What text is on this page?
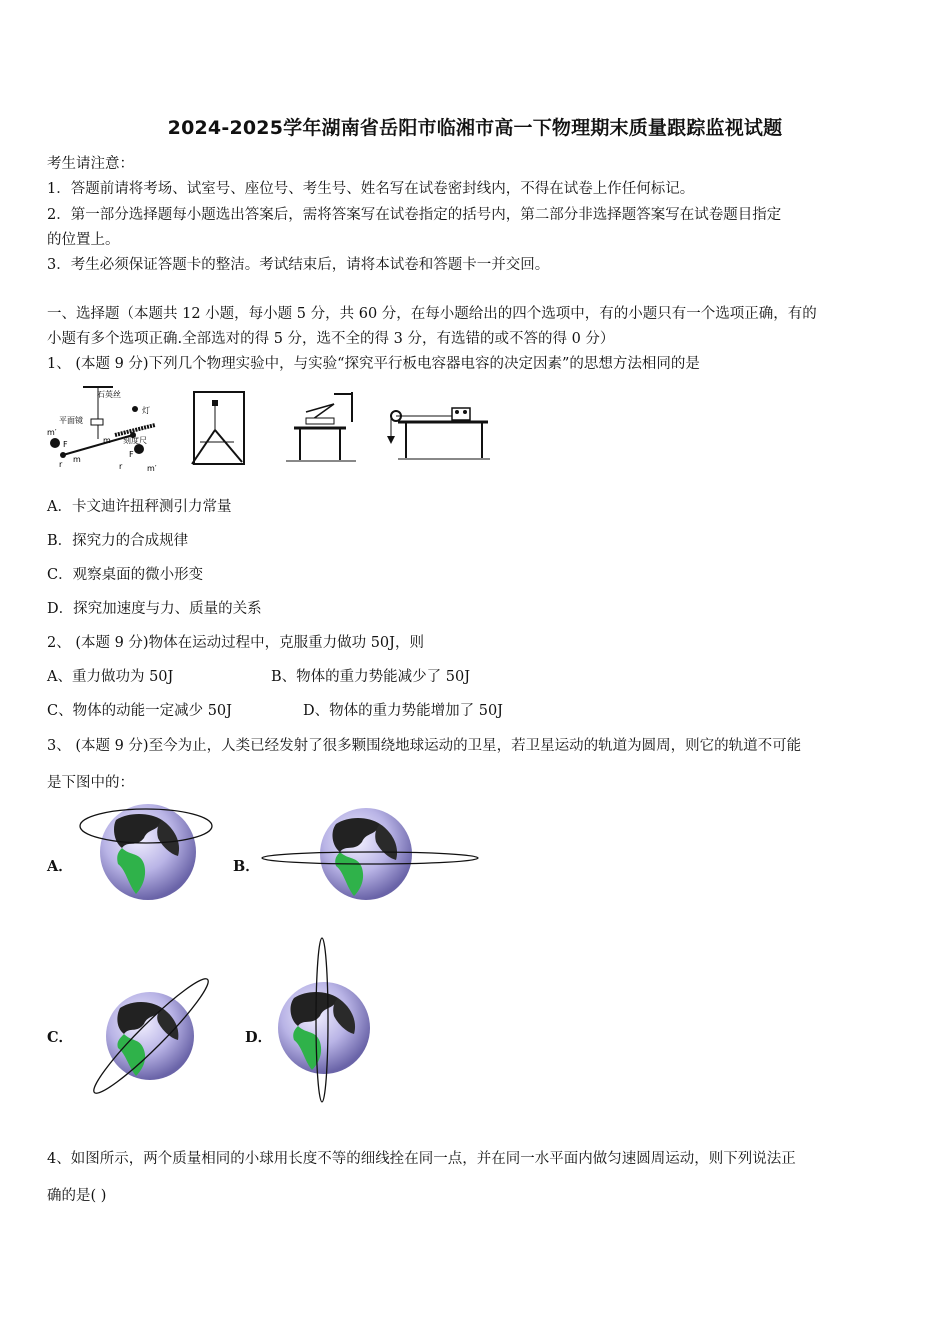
2024-2025学年湖南省岳阳市临湘市高一下物理期末质量跟踪监视试题
考生请注意：
1．答题前请将考场、试室号、座位号、考生号、姓名写在试卷密封线内，不得在试卷上作任何标记。
2．第一部分选择题每小题选出答案后，需将答案写在试卷指定的括号内，第二部分非选择题答案写在试卷题目指定
的位置上。
3．考生必须保证答题卡的整洁。考试结束后，请将本试卷和答题卡一并交回。
一、选择题（本题共 12 小题，每小题 5 分，共 60 分，在每小题给出的四个选项中，有的小题只有一个选项正确，有的
小题有多个选项正确.全部选对的得 5 分，选不全的得 3 分，有选错的或不答的得 0 分）
1、 (本题 9 分)下列几个物理实验中，与实验“探究平行板电容器电容的决定因素”的思想方法相同的是
石英丝
灯
平面镜
刻度尺
m′
m
m
m′
F
F
r	r
A．卡文迪许扭秤测引力常量
B．探究力的合成规律
C．观察桌面的微小形变
D．探究加速度与力、质量的关系
2、 (本题 9 分)物体在运动过程中，克服重力做功 50J，则
A、重力做功为 50J	B、物体的重力势能减少了 50J
C、物体的动能一定减少 50J	D、物体的重力势能增加了 50J
3、 (本题 9 分)至今为止，人类已经发射了很多颗围绕地球运动的卫星，若卫星运动的轨道为圆周，则它的轨道不可能
是下图中的：
A．	B．
C．	D．
4、如图所示，两个质量相同的小球用长度不等的细线拴在同一点，并在同一水平面内做匀速圆周运动，则下列说法正
确的是( )
